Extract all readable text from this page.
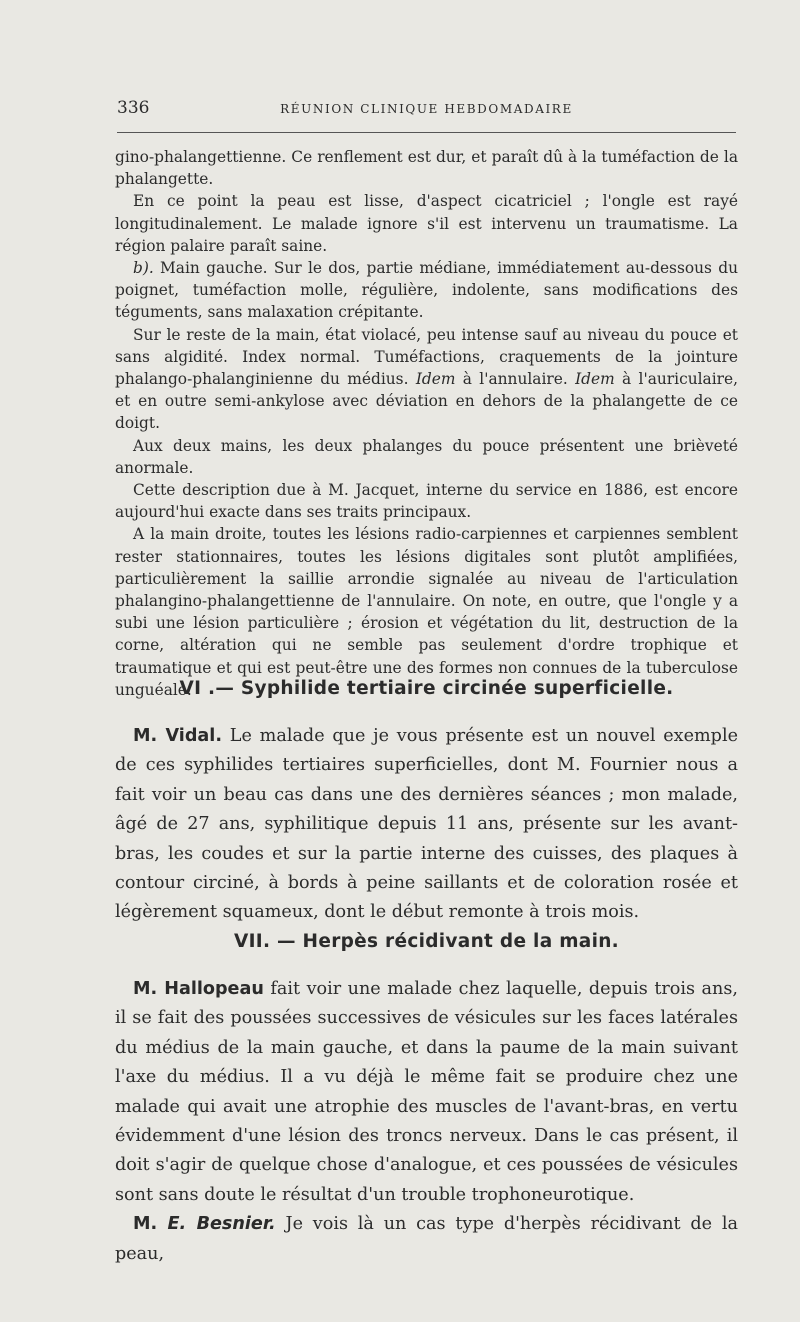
336	RÉUNION CLINIQUE HEBDOMADAIRE

gino-phalangettienne. Ce renflement est dur, et paraît dû à la tuméfaction de la phalangette.

En ce point la peau est lisse, d'aspect cicatriciel ; l'ongle est rayé longitudinalement. Le malade ignore s'il est intervenu un traumatisme. La région palaire paraît saine.

b). Main gauche. Sur le dos, partie médiane, immédiatement au-dessous du poignet, tuméfaction molle, régulière, indolente, sans modifications des téguments, sans malaxation crépitante.

Sur le reste de la main, état violacé, peu intense sauf au niveau du pouce et sans algidité. Index normal. Tuméfactions, craquements de la jointure phalango-phalanginienne du médius. Idem à l'annulaire. Idem à l'auriculaire, et en outre semi-ankylose avec déviation en dehors de la phalangette de ce doigt.

Aux deux mains, les deux phalanges du pouce présentent une brièveté anormale.

Cette description due à M. Jacquet, interne du service en 1886, est encore aujourd'hui exacte dans ses traits principaux.

A la main droite, toutes les lésions radio-carpiennes et carpiennes semblent rester stationnaires, toutes les lésions digitales sont plutôt amplifiées, particulièrement la saillie arrondie signalée au niveau de l'articulation phalangino-phalangettienne de l'annulaire. On note, en outre, que l'ongle y a subi une lésion particulière ; érosion et végétation du lit, destruction de la corne, altération qui ne semble pas seulement d'ordre trophique et traumatique et qui est peut-être une des formes non connues de la tuberculose unguéale.

VI .— Syphilide tertiaire circinée superficielle.

M. Vidal. Le malade que je vous présente est un nouvel exemple de ces syphilides tertiaires superficielles, dont M. Fournier nous a fait voir un beau cas dans une des dernières séances ; mon malade, âgé de 27 ans, syphilitique depuis 11 ans, présente sur les avant-bras, les coudes et sur la partie interne des cuisses, des plaques à contour circiné, à bords à peine saillants et de coloration rosée et légèrement squameux, dont le début remonte à trois mois.

VII. — Herpès récidivant de la main.

M. Hallopeau fait voir une malade chez laquelle, depuis trois ans, il se fait des poussées successives de vésicules sur les faces latérales du médius de la main gauche, et dans la paume de la main suivant l'axe du médius. Il a vu déjà le même fait se produire chez une malade qui avait une atrophie des muscles de l'avant-bras, en vertu évidemment d'une lésion des troncs nerveux. Dans le cas présent, il doit s'agir de quelque chose d'analogue, et ces poussées de vésicules sont sans doute le résultat d'un trouble trophoneurotique.

M. E. Besnier. Je vois là un cas type d'herpès récidivant de la peau,
